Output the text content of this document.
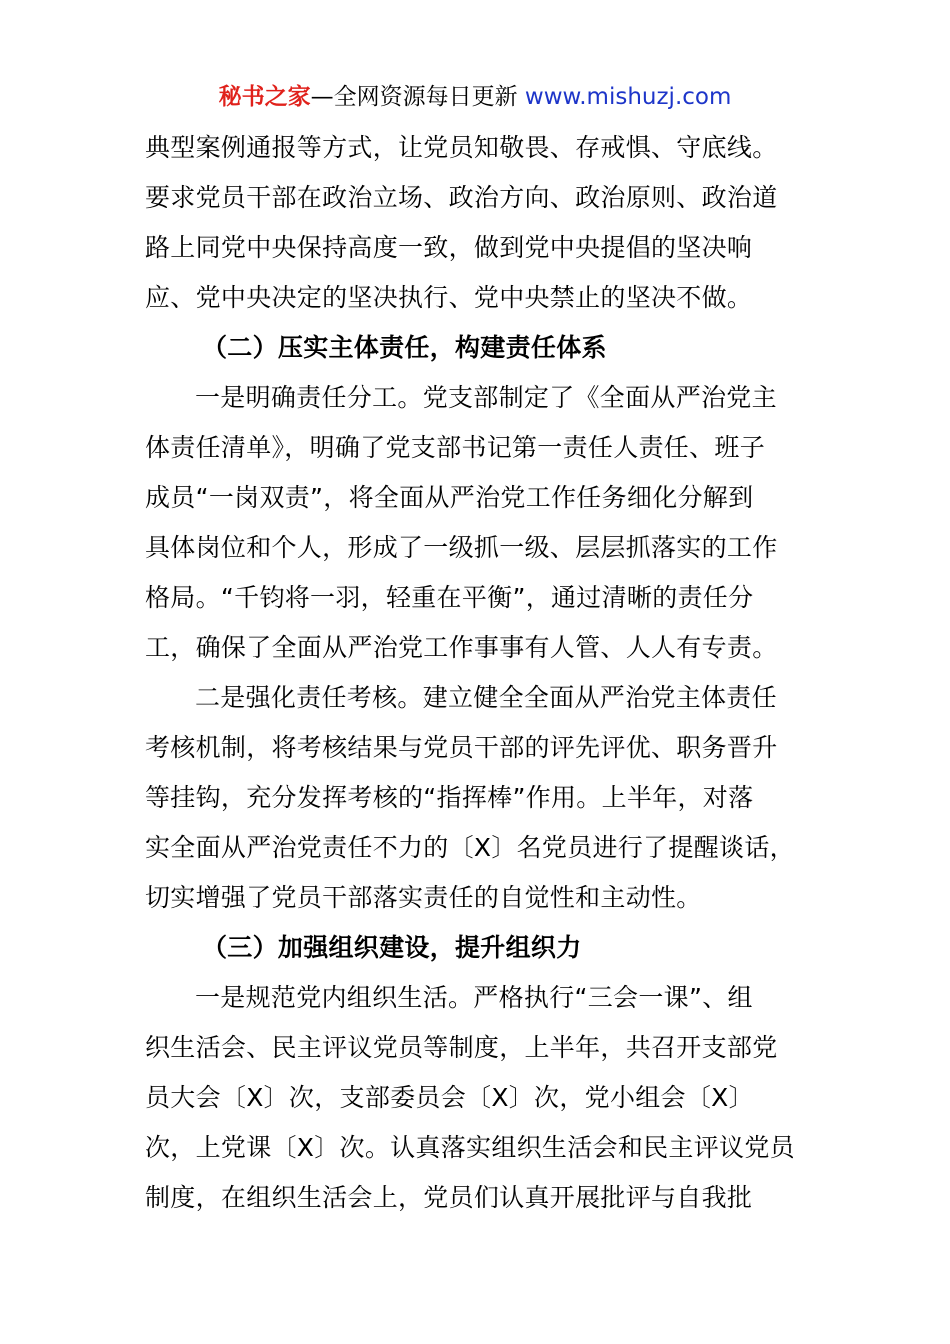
秘书之家—全网资源每日更新 www.mishuzj.com
典型案例通报等方式，让党员知敬畏、存戒惧、守底线。
要求党员干部在政治立场、政治方向、政治原则、政治道
路上同党中央保持高度一致，做到党中央提倡的坚决响
应、党中央决定的坚决执行、党中央禁止的坚决不做。
（二）压实主体责任，构建责任体系
一是明确责任分工。党支部制定了《全面从严治党主
体责任清单》，明确了党支部书记第一责任人责任、班子
成员“一岗双责”，将全面从严治党工作任务细化分解到
具体岗位和个人，形成了一级抓一级、层层抓落实的工作
格局。“千钧将一羽，轻重在平衡”，通过清晰的责任分
工，确保了全面从严治党工作事事有人管、人人有专责。
二是强化责任考核。建立健全全面从严治党主体责任
考核机制，将考核结果与党员干部的评先评优、职务晋升
等挂钩，充分发挥考核的“指挥棒”作用。上半年，对落
实全面从严治党责任不力的〔X〕名党员进行了提醒谈话，
切实增强了党员干部落实责任的自觉性和主动性。
（三）加强组织建设，提升组织力
一是规范党内组织生活。严格执行“三会一课”、组
织生活会、民主评议党员等制度，上半年，共召开支部党
员大会〔X〕次，支部委员会〔X〕次，党小组会〔X〕
次，上党课〔X〕次。认真落实组织生活会和民主评议党员
制度，在组织生活会上，党员们认真开展批评与自我批
